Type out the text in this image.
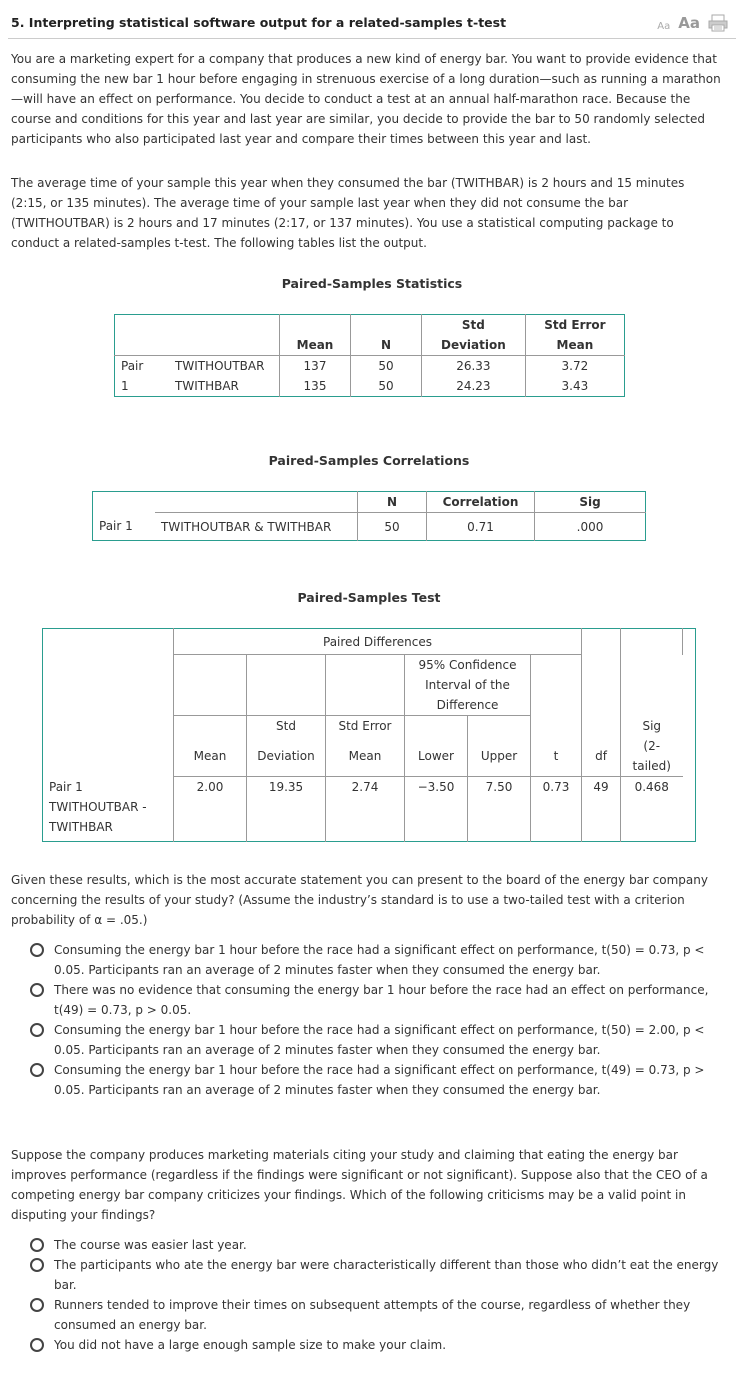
5. Interpreting statistical software output for a related-samples t-test	Aa Aa

You are a marketing expert for a company that produces a new kind of energy bar. You want to provide evidence that consuming the new bar 1 hour before engaging in strenuous exercise of a long duration—such as running a marathon—will have an effect on performance. You decide to conduct a test at an annual half-marathon race. Because the course and conditions for this year and last year are similar, you decide to provide the bar to 50 randomly selected participants who also participated last year and compare their times between this year and last.

The average time of your sample this year when they consumed the bar (TWITHBAR) is 2 hours and 15 minutes (2:15, or 135 minutes). The average time of your sample last year when they did not consume the bar (TWITHOUTBAR) is 2 hours and 17 minutes (2:17, or 137 minutes). You use a statistical computing package to conduct a related-samples t-test. The following tables list the output.

Paired-Samples Statistics
				Std	Std Error
		Mean	N	Deviation	Mean
Pair	TWITHOUTBAR	137	50	26.33	3.72
1	TWITHBAR	135	50	24.23	3.43
Paired-Samples Correlations
		N	Correlation	Sig
Pair 1	TWITHOUTBAR & TWITHBAR	50	0.71	.000
Paired-Samples Test
	Paired Differences								

				95% Confidence
Interval of the
Difference					

		Std	Std Error					Sig	
	Mean	Deviation	Mean	Lower	Upper	t	df	(2-tailed)	
Pair 1	2.00	19.35	2.74	−3.50	7.50	0.73	49	0.468	
TWITHOUTBAR -									
TWITHBAR									

Given these results, which is the most accurate statement you can present to the board of the energy bar company concerning the results of your study? (Assume the industry’s standard is to use a two-tailed test with a criterion probability of α = .05.)

Consuming the energy bar 1 hour before the race had a significant effect on performance, t(50) = 0.73, p < 0.05. Participants ran an average of 2 minutes faster when they consumed the energy bar.
There was no evidence that consuming the energy bar 1 hour before the race had an effect on performance, t(49) = 0.73, p > 0.05.
Consuming the energy bar 1 hour before the race had a significant effect on performance, t(50) = 2.00, p < 0.05. Participants ran an average of 2 minutes faster when they consumed the energy bar.
Consuming the energy bar 1 hour before the race had a significant effect on performance, t(49) = 0.73, p > 0.05. Participants ran an average of 2 minutes faster when they consumed the energy bar.

Suppose the company produces marketing materials citing your study and claiming that eating the energy bar improves performance (regardless if the findings were significant or not significant). Suppose also that the CEO of a competing energy bar company criticizes your findings. Which of the following criticisms may be a valid point in disputing your findings?

The course was easier last year.
The participants who ate the energy bar were characteristically different than those who didn’t eat the energy bar.
Runners tended to improve their times on subsequent attempts of the course, regardless of whether they consumed an energy bar.
You did not have a large enough sample size to make your claim.
